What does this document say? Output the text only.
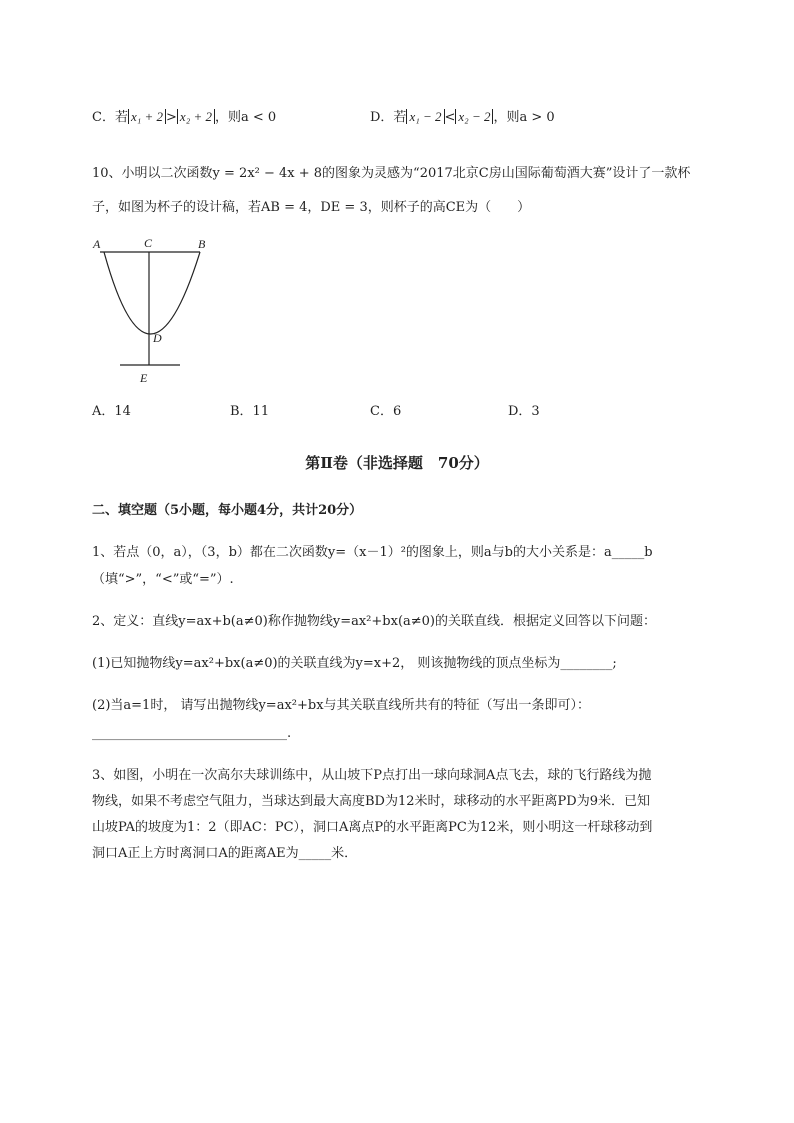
C．若 x₁ + 2 > x₂ + 2 ，则a < 0	D．若 x₁ − 2 < x₂ − 2 ，则a > 0
10、小明以二次函数y = 2x² − 4x + 8的图象为灵感为“2017北京C房山国际葡萄酒大赛”设计了一款杯
子，如图为杯子的设计稿，若AB = 4，DE = 3，则杯子的高CE为（　　）
A	C	B
D
E
A．14	B．11	C．6	D．3
第Ⅱ卷（非选择题　70分）
二、填空题（5小题，每小题4分，共计20分）
1、若点（0，a），（3，b）都在二次函数y=（x－1）²的图象上，则a与b的大小关系是：a_____b
（填“>”，“<”或“=”）.
2、定义：直线y=ax+b(a≠0)称作抛物线y=ax²+bx(a≠0)的关联直线．根据定义回答以下问题：
(1)已知抛物线y=ax²+bx(a≠0)的关联直线为y=x+2， 则该抛物线的顶点坐标为________;
(2)当a=1时， 请写出抛物线y=ax²+bx与其关联直线所共有的特征（写出一条即可）：
______________________________.
3、如图，小明在一次高尔夫球训练中，从山坡下P点打出一球向球洞A点飞去，球的飞行路线为抛
物线，如果不考虑空气阻力，当球达到最大高度BD为12米时，球移动的水平距离PD为9米．已知
山坡PA的坡度为1：2（即AC：PC），洞口A离点P的水平距离PC为12米，则小明这一杆球移动到
洞口A正上方时离洞口A的距离AE为_____米．
